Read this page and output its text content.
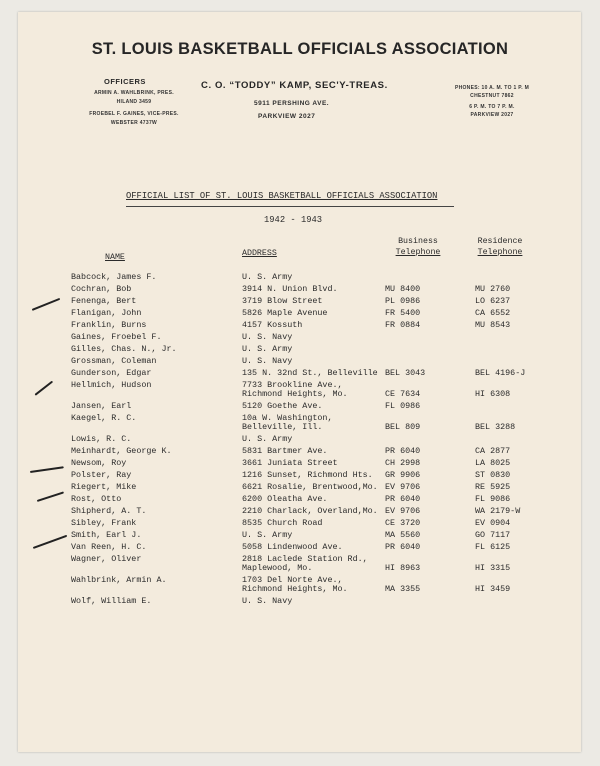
ST. LOUIS BASKETBALL OFFICIALS ASSOCIATION
OFFICERS
ARMIN A. WAHLBRINK, PRES.
HILAND 3459
FROEBEL F. GAINES, VICE-PRES.
WEBSTER 4737W
C. O. “TODDY” KAMP, SEC'Y-TREAS.
5911 PERSHING AVE.
PARKVIEW 2027
PHONES: 10 A. M. TO 1 P. M
CHESTNUT 7862
6 P. M. TO 7 P. M.
PARKVIEW 2027
OFFICIAL LIST OF ST. LOUIS BASKETBALL OFFICIALS ASSOCIATION
1942 - 1943
Business
Telephone
Residence
Telephone
NAME	ADDRESS
Babcock, James F.	U. S. Army
Cochran, Bob	3914 N. Union Blvd.	MU 8400	MU 2760
Fenenga, Bert	3719 Blow Street	PL 0986	LO 6237
Flanigan, John	5826 Maple Avenue	FR 5400	CA 6552
Franklin, Burns	4157 Kossuth	FR 0884	MU 8543
Gaines, Froebel F.	U. S. Navy
Gilles, Chas. N., Jr.	U. S. Army
Grossman, Coleman	U. S. Navy
Gunderson, Edgar	135 N. 32nd St., Belleville BEL 3043	BEL 4196-J
Hellmich, Hudson	7733 Brookline Ave.,
Richmond Heights, Mo.	CE 7634	HI 6308
Jansen, Earl	5120 Goethe Ave.	FL 0986
Kaegel, R. C.	10a W. Washington,
Belleville, Ill.	BEL 809	BEL 3288
Lowis, R. C.	U. S. Army
Meinhardt, George K.	5831 Bartmer Ave.	PR 6040	CA 2877
Newsom, Roy	3661 Juniata Street	CH 2998	LA 8025
Polster, Ray	1216 Sunset, Richmond Hts. GR 9906	ST 0830
Riegert, Mike	6621 Rosalie, Brentwood,Mo. EV 9706	RE 5925
Rost, Otto	6200 Oleatha Ave.	PR 6040	FL 9086
Shipherd, A. T.	2210 Charlack, Overland,Mo. EV 9706	WA 2179-W
Sibley, Frank	8535 Church Road	CE 3720	EV 0904
Smith, Earl J.	U. S. Army	MA 5560	GO 7117
Van Reen, H. C.	5058 Lindenwood Ave.	PR 6040	FL 6125
Wagner, Oliver	2818 Laclede Station Rd.,
Maplewood, Mo.	HI 8963	HI 3315
Wahlbrink, Armin A.	1703 Del Norte Ave.,
Richmond Heights, Mo.	MA 3355	HI 3459
Wolf, William E.	U. S. Navy
